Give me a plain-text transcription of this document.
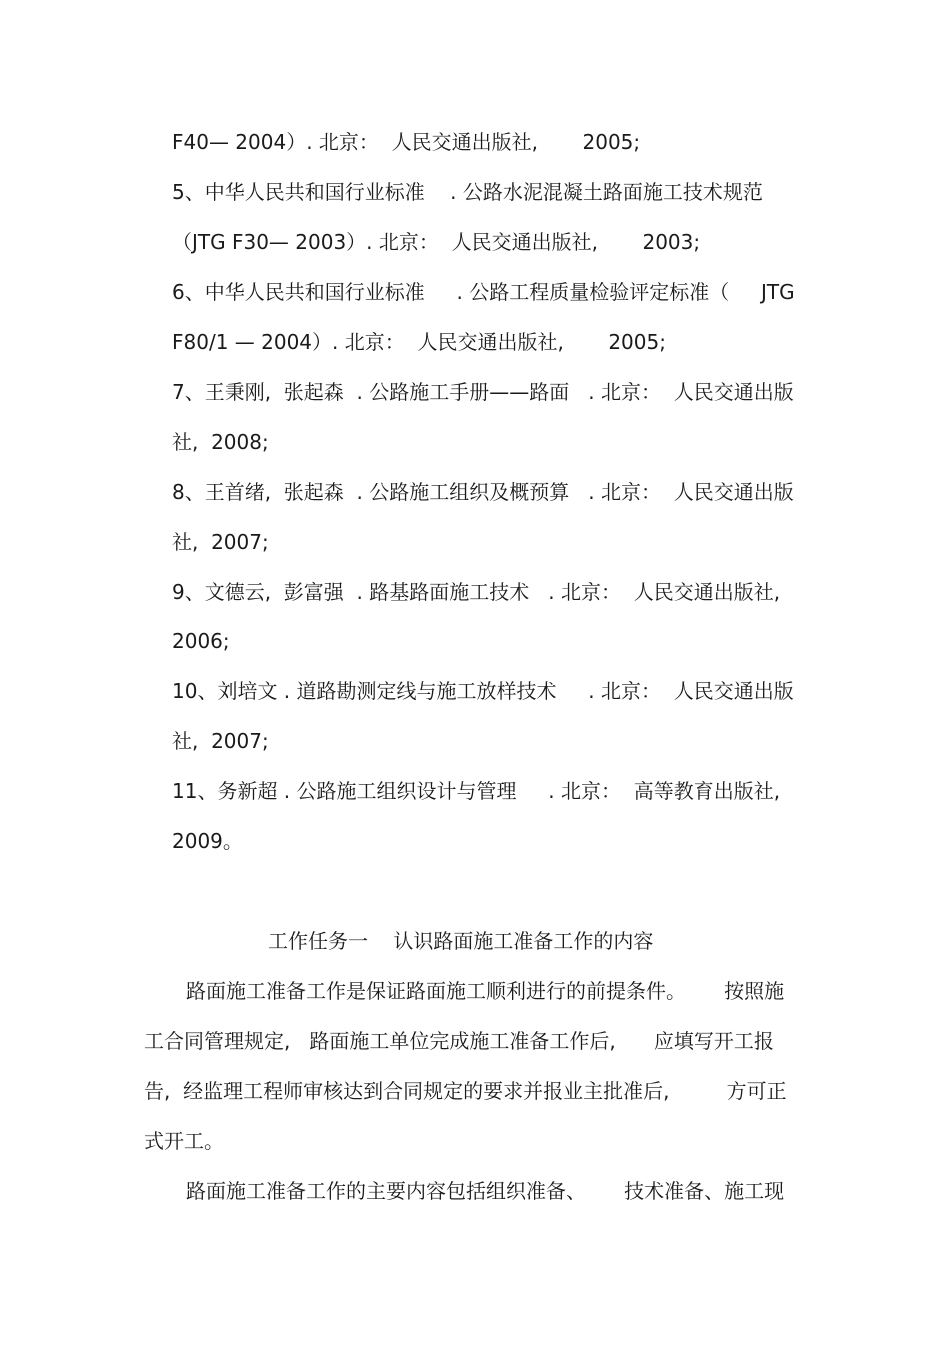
F40— 2004）. 北京：  人民交通出版社,       2005;
5、中华人民共和国行业标准    . 公路水泥混凝土路面施工技术规范
（JTG F30— 2003）. 北京：  人民交通出版社,       2003;
6、中华人民共和国行业标准     . 公路工程质量检验评定标准（     JTG
F80/1 — 2004）. 北京：  人民交通出版社,       2005;
7、王秉刚,  张起森  . 公路施工手册——路面   . 北京：  人民交通出版
社,  2008;
8、王首绪,  张起森  . 公路施工组织及概预算   . 北京：  人民交通出版
社,  2007;
9、文德云,  彭富强  . 路基路面施工技术   . 北京：  人民交通出版社,
2006;
10、刘培文 . 道路勘测定线与施工放样技术     . 北京：  人民交通出版
社,  2007;
11、务新超 . 公路施工组织设计与管理     . 北京：  高等教育出版社,
2009。
工作任务一    认识路面施工准备工作的内容
路面施工准备工作是保证路面施工顺利进行的前提条件。      按照施
工合同管理规定,   路面施工单位完成施工准备工作后,      应填写开工报
告,  经监理工程师审核达到合同规定的要求并报业主批准后,         方可正
式开工。
路面施工准备工作的主要内容包括组织准备、      技术准备、施工现
